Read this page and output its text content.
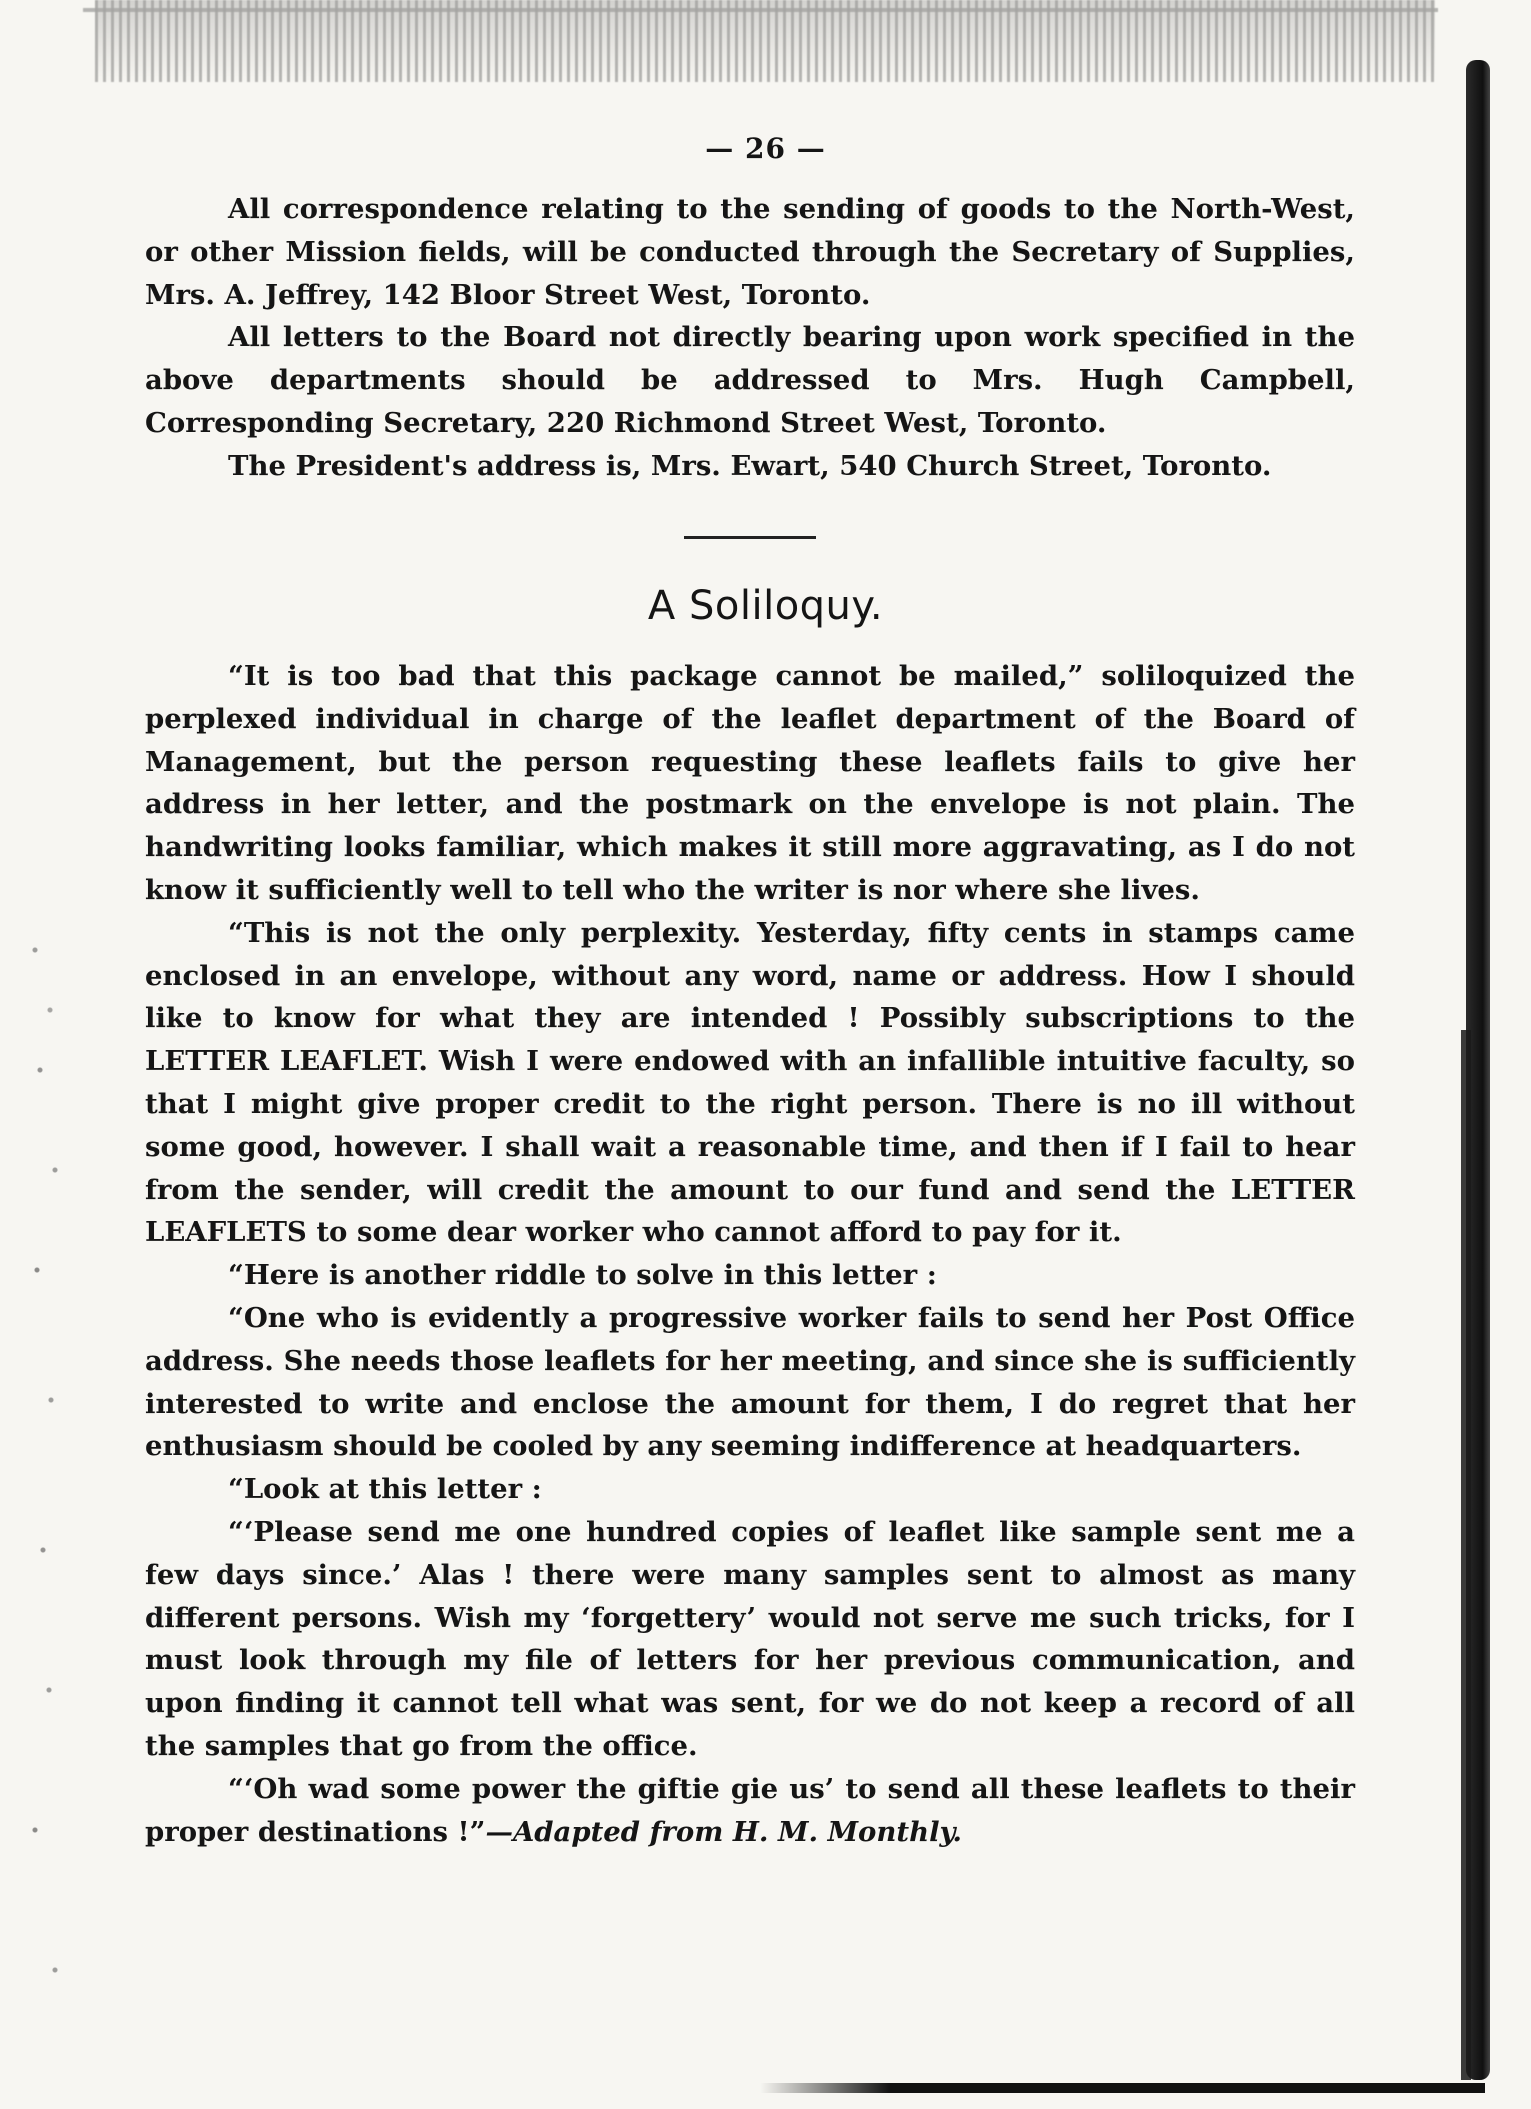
— 26 —

All correspondence relating to the sending of goods to the North-West, or other Mission fields, will be conducted through the Secretary of Supplies, Mrs. A. Jeffrey, 142 Bloor Street West, Toronto.

All letters to the Board not directly bearing upon work specified in the above departments should be addressed to Mrs. Hugh Campbell, Corresponding Secretary, 220 Richmond Street West, Toronto.

The President's address is, Mrs. Ewart, 540 Church Street, Toronto.

A Soliloquy.

“It is too bad that this package cannot be mailed,” soliloquized the perplexed individual in charge of the leaflet department of the Board of Management, but the person requesting these leaflets fails to give her address in her letter, and the postmark on the envelope is not plain. The handwriting looks familiar, which makes it still more aggravating, as I do not know it sufficiently well to tell who the writer is nor where she lives.

“This is not the only perplexity. Yesterday, fifty cents in stamps came enclosed in an envelope, without any word, name or address. How I should like to know for what they are intended ! Possibly subscriptions to the LETTER LEAFLET. Wish I were endowed with an infallible intuitive faculty, so that I might give proper credit to the right person. There is no ill without some good, however. I shall wait a reasonable time, and then if I fail to hear from the sender, will credit the amount to our fund and send the LETTER LEAFLETS to some dear worker who cannot afford to pay for it.

“Here is another riddle to solve in this letter :

“One who is evidently a progressive worker fails to send her Post Office address. She needs those leaflets for her meeting, and since she is sufficiently interested to write and enclose the amount for them, I do regret that her enthusiasm should be cooled by any seeming indifference at headquarters.

“Look at this letter :

“‘Please send me one hundred copies of leaflet like sample sent me a few days since.’ Alas ! there were many samples sent to almost as many different persons. Wish my ‘forgettery’ would not serve me such tricks, for I must look through my file of letters for her previous communication, and upon finding it cannot tell what was sent, for we do not keep a record of all the samples that go from the office.

“‘Oh wad some power the giftie gie us’ to send all these leaflets to their proper destinations !”—Adapted from H. M. Monthly.
